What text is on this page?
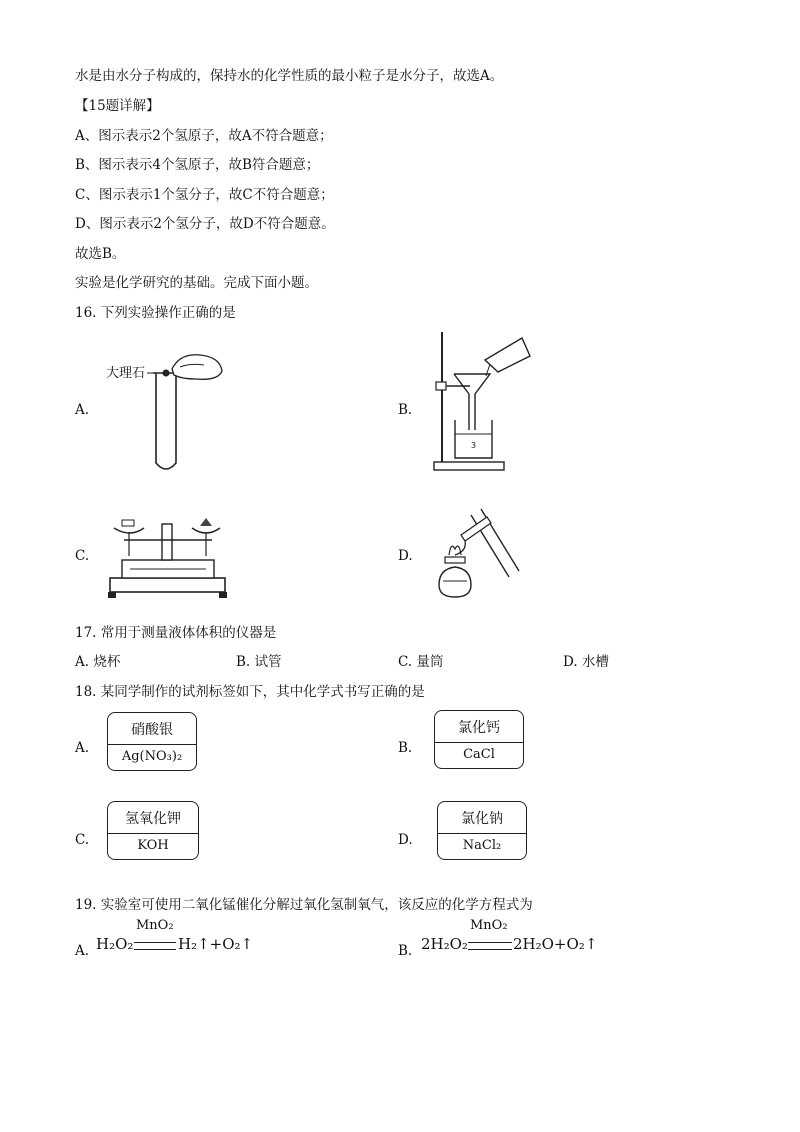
水是由水分子构成的，保持水的化学性质的最小粒子是水分子，故选A。
【15题详解】
A、图示表示2个氢原子，故A不符合题意；
B、图示表示4个氢原子，故B符合题意；
C、图示表示1个氢分子，故C不符合题意；
D、图示表示2个氢分子，故D不符合题意。
故选B。
实验是化学研究的基础。完成下面小题。
16. 下列实验操作正确的是
A.	B.
C.	D.
大理石
3
17. 常用于测量液体体积的仪器是
A. 烧杯	B. 试管	C. 量筒	D. 水槽
18. 某同学制作的试剂标签如下，其中化学式书写正确的是
A.	B.
C.	D.
硝酸银
Ag(NO₃)₂
氯化钙
CaCl
氢氧化钾
KOH
氯化钠
NaCl₂
19. 实验室可使用二氧化锰催化分解过氧化氢制氧气，该反应的化学方程式为
A.	B.
H₂O₂
MnO₂
H₂↑+O₂↑	2H₂O₂
MnO₂
2H₂O+O₂↑
